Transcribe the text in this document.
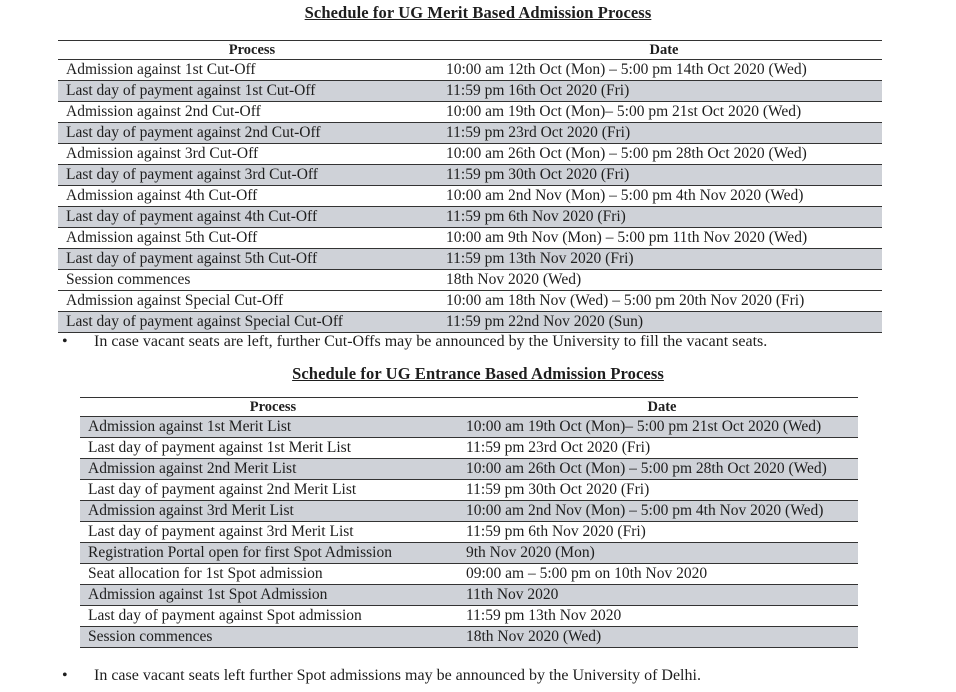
Schedule for UG Merit Based Admission Process
Process	Date
Admission against 1st Cut-Off	10:00 am 12th Oct (Mon) – 5:00 pm 14th Oct 2020 (Wed)
Last day of payment against 1st Cut-Off	11:59 pm 16th Oct 2020 (Fri)
Admission against 2nd Cut-Off	10:00 am 19th Oct (Mon)– 5:00 pm 21st Oct 2020 (Wed)
Last day of payment against 2nd Cut-Off	11:59 pm 23rd Oct 2020 (Fri)
Admission against 3rd Cut-Off	10:00 am 26th Oct (Mon) – 5:00 pm 28th Oct 2020 (Wed)
Last day of payment against 3rd Cut-Off	11:59 pm 30th Oct 2020 (Fri)
Admission against 4th Cut-Off	10:00 am 2nd Nov (Mon) – 5:00 pm 4th Nov 2020 (Wed)
Last day of payment against 4th Cut-Off	11:59 pm 6th Nov 2020 (Fri)
Admission against 5th Cut-Off	10:00 am 9th Nov (Mon) – 5:00 pm 11th Nov 2020 (Wed)
Last day of payment against 5th Cut-Off	11:59 pm 13th Nov 2020 (Fri)
Session commences	18th Nov 2020 (Wed)
Admission against Special Cut-Off	10:00 am 18th Nov (Wed) – 5:00 pm 20th Nov 2020 (Fri)
Last day of payment against Special Cut-Off	11:59 pm 22nd Nov 2020 (Sun)
• In case vacant seats are left, further Cut-Offs may be announced by the University to fill the vacant seats.
Schedule for UG Entrance Based Admission Process
Process	Date
Admission against 1st Merit List	10:00 am 19th Oct (Mon)– 5:00 pm 21st Oct 2020 (Wed)
Last day of payment against 1st Merit List	11:59 pm 23rd Oct 2020 (Fri)
Admission against 2nd Merit List	10:00 am 26th Oct (Mon) – 5:00 pm 28th Oct 2020 (Wed)
Last day of payment against 2nd Merit List	11:59 pm 30th Oct 2020 (Fri)
Admission against 3rd Merit List	10:00 am 2nd Nov (Mon) – 5:00 pm 4th Nov 2020 (Wed)
Last day of payment against 3rd Merit List	11:59 pm 6th Nov 2020 (Fri)
Registration Portal open for first Spot Admission	9th Nov 2020 (Mon)
Seat allocation for 1st Spot admission	09:00 am – 5:00 pm on 10th Nov 2020
Admission against 1st Spot Admission	11th Nov 2020
Last day of payment against Spot admission	11:59 pm 13th Nov 2020
Session commences	18th Nov 2020 (Wed)
• In case vacant seats left further Spot admissions may be announced by the University of Delhi.
